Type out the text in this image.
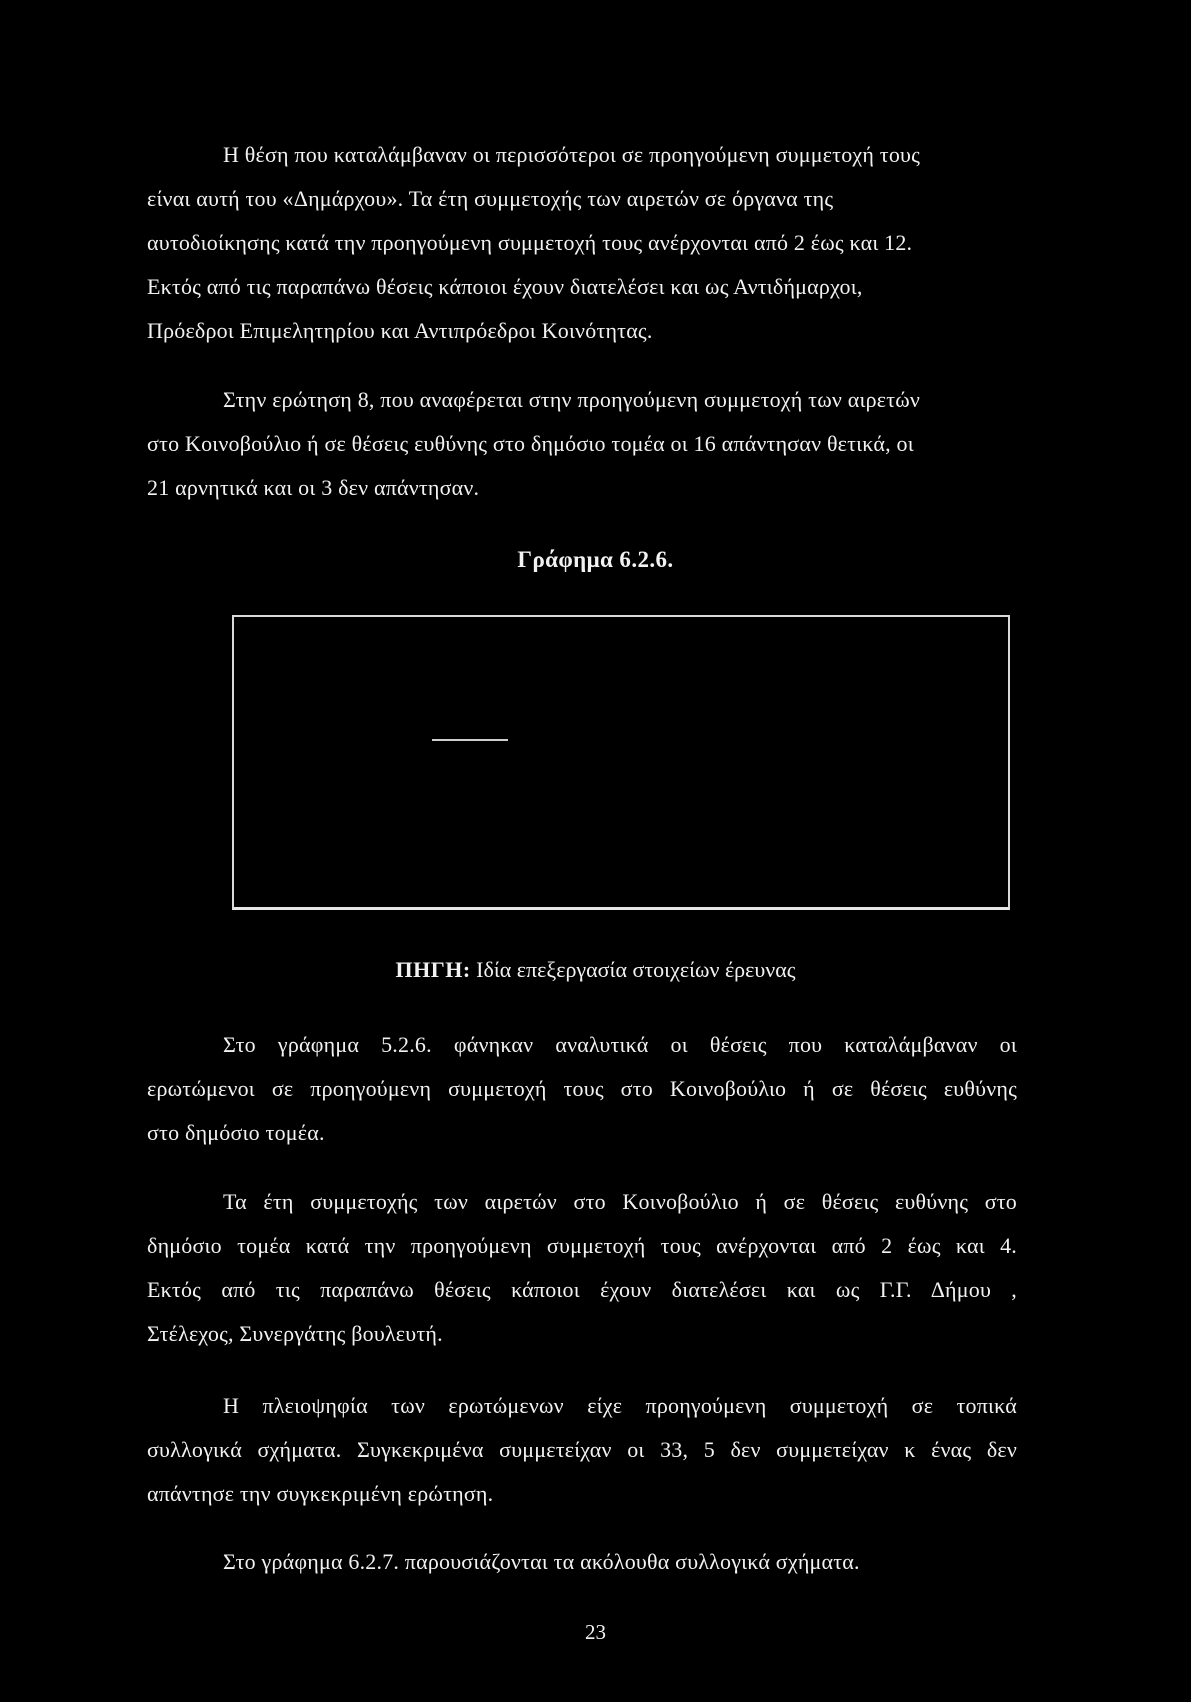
Η θέση που καταλάμβαναν οι περισσότεροι σε προηγούμενη συμμετοχή τους
είναι αυτή του «Δημάρχου». Τα έτη συμμετοχής των αιρετών σε όργανα της
αυτοδιοίκησης κατά την προηγούμενη συμμετοχή τους ανέρχονται από 2 έως και 12.
Εκτός από τις παραπάνω θέσεις κάποιοι έχουν διατελέσει και ως Αντιδήμαρχοι,
Πρόεδροι Επιμελητηρίου και Αντιπρόεδροι Κοινότητας.

Στην ερώτηση 8, που αναφέρεται στην προηγούμενη συμμετοχή των αιρετών
στο Κοινοβούλιο ή σε θέσεις ευθύνης στο δημόσιο τομέα οι 16 απάντησαν θετικά, οι
21 αρνητικά και οι 3 δεν απάντησαν.

Γράφημα 6.2.6.
ΠΗΓΗ: Ιδία επεξεργασία στοιχείων έρευνας

Στο γράφημα 5.2.6. φάνηκαν αναλυτικά οι θέσεις που καταλάμβαναν οι
ερωτώμενοι σε προηγούμενη συμμετοχή τους στο Κοινοβούλιο ή σε θέσεις ευθύνης
στο δημόσιο τομέα.

Τα έτη συμμετοχής των αιρετών στο Κοινοβούλιο ή σε θέσεις ευθύνης στο
δημόσιο τομέα κατά την προηγούμενη συμμετοχή τους ανέρχονται από 2 έως και 4.
Εκτός από τις παραπάνω θέσεις κάποιοι έχουν διατελέσει και ως Γ.Γ. Δήμου ,
Στέλεχος, Συνεργάτης βουλευτή.

Η πλειοψηφία των ερωτώμενων είχε προηγούμενη συμμετοχή σε τοπικά
συλλογικά σχήματα. Συγκεκριμένα συμμετείχαν οι 33, 5 δεν συμμετείχαν κ ένας δεν
απάντησε την συγκεκριμένη ερώτηση.

Στο γράφημα 6.2.7. παρουσιάζονται τα ακόλουθα συλλογικά σχήματα.

23
